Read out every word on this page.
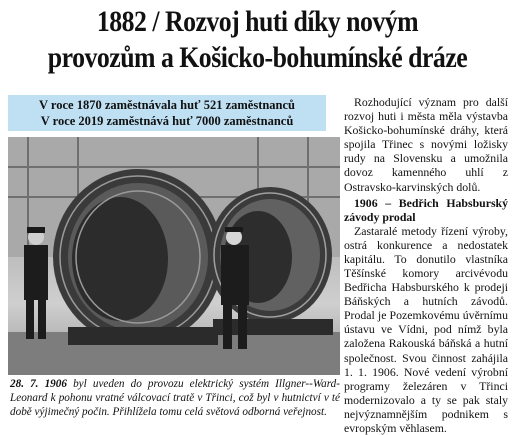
1882 / Rozvoj huti díky novým
provozům a Košicko-bohumínské dráze
V roce 1870 zaměstnávala huť 521 zaměstnanců
V roce 2019 zaměstnává huť 7000 zaměstnanců
28. 7. 1906 byl uveden do provozu elektrický systém Illgner--Ward-Leonard k pohonu vratné válcovací tratě v Třinci, což byl v hutnictví v té době výjimečný počin. Přihlížela tomu celá světová odborná veřejnost.

Rozhodující význam pro další rozvoj huti i města měla výstavba Košicko-bohumínské dráhy, která spojila Třinec s novými ložisky rudy na Slovensku a umožnila dovoz kamenného uhlí z Ostravsko-karvinských dolů.

1906 – Bedřich Habsburský závody prodal

Zastaralé metody řízení výroby, ostrá konkurence a nedostatek kapitálu. To donutilo vlastníka Těšínské komory arcivévodu Bedřicha Habsburského k prodeji Báňských a hutních závodů. Prodal je Pozemkovému úvěrnímu ústavu ve Vídni, pod nímž byla založena Rakouská báňská a hutní společnost. Svou činnost zahájila 1. 1. 1906. Nové vedení výrobní programy železáren v Třinci modernizovalo a ty se pak staly nejvýznamnějším podnikem s evropským věhlasem.
